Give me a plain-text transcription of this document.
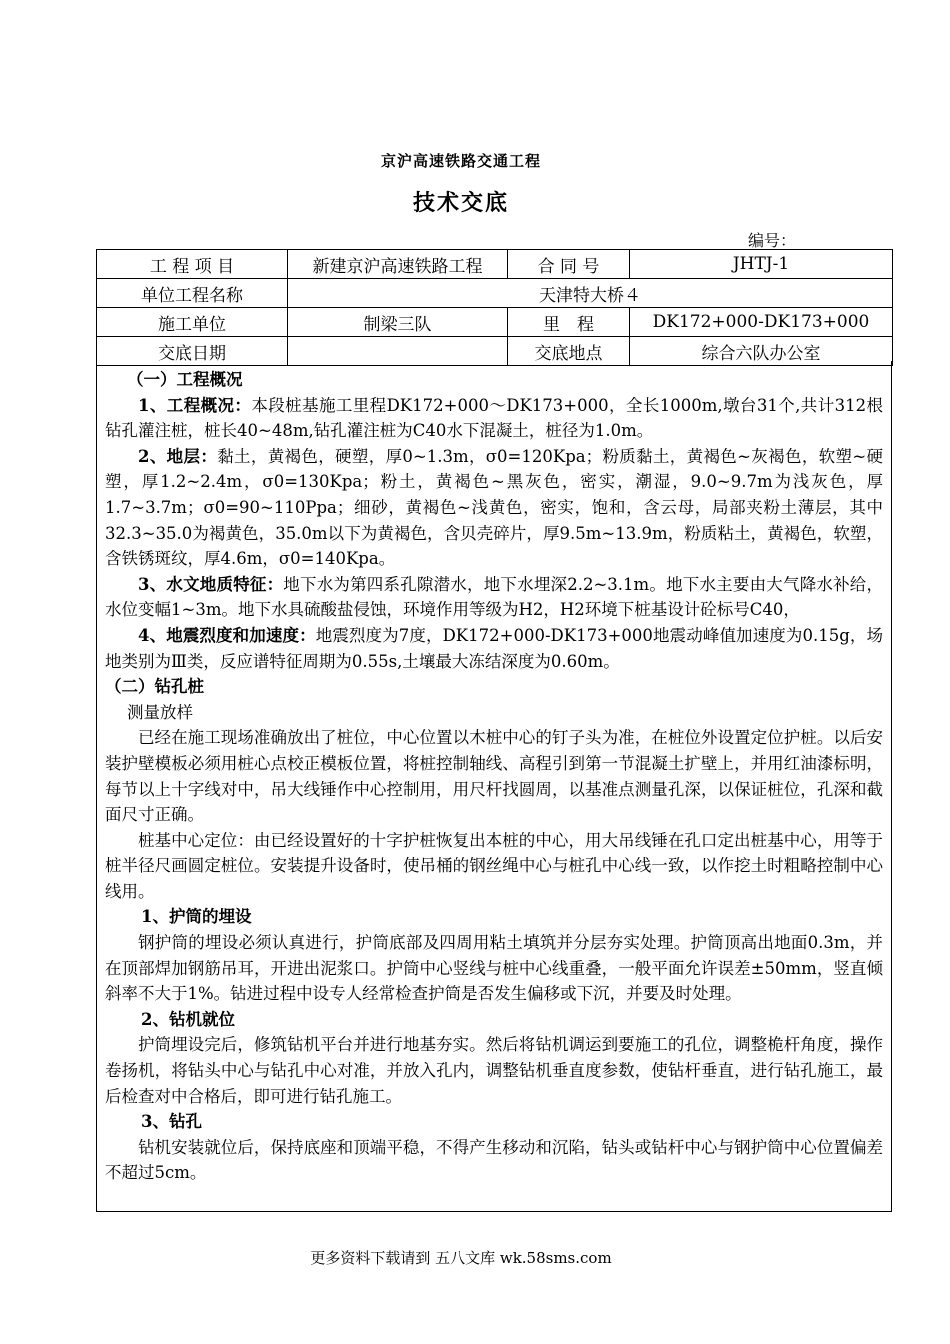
京沪高速铁路交通工程
技术交底
编号：
工 程 项 目	新建京沪高速铁路工程	合 同 号	JHTJ-1
单位工程名称	天津特大桥４		
施工单位	制梁三队	里　程	DK172+000-DK173+000
交底日期		交底地点	综合六队办公室

（一）工程概况

1、工程概况：本段桩基施工里程DK172+000～DK173+000，全长1000m,墩台31个,共计312根钻孔灌注桩，桩长40~48m,钻孔灌注桩为C40水下混凝土，桩径为1.0m。

2、地层：黏土，黄褐色，硬塑，厚0~1.3m，σ0=120Kpa；粉质黏土，黄褐色~灰褐色，软塑~硬塑，厚1.2~2.4m，σ0=130Kpa；粉土，黄褐色~黑灰色，密实，潮湿，9.0~9.7m为浅灰色，厚1.7~3.7m；σ0=90~110Ppa；细砂，黄褐色~浅黄色，密实，饱和，含云母，局部夹粉土薄层，其中32.3~35.0为褐黄色，35.0m以下为黄褐色，含贝壳碎片，厚9.5m~13.9m，粉质粘土，黄褐色，软塑，含铁锈斑纹，厚4.6m，σ0=140Kpa。

3、水文地质特征：地下水为第四系孔隙潜水，地下水埋深2.2~3.1m。地下水主要由大气降水补给，水位变幅1~3m。地下水具硫酸盐侵蚀，环境作用等级为H2，H2环境下桩基设计砼标号C40，

4、地震烈度和加速度：地震烈度为7度，DK172+000-DK173+000地震动峰值加速度为0.15g，场地类别为Ⅲ类，反应谱特征周期为0.55s,土壤最大冻结深度为0.60m。

（二）钻孔桩

测量放样

已经在施工现场准确放出了桩位，中心位置以木桩中心的钉子头为准，在桩位外设置定位护桩。以后安装护壁模板必须用桩心点校正模板位置，将桩控制轴线、高程引到第一节混凝土扩壁上，并用红油漆标明，每节以上十字线对中，吊大线锤作中心控制用，用尺杆找圆周，以基准点测量孔深，以保证桩位，孔深和截面尺寸正确。

桩基中心定位：由已经设置好的十字护桩恢复出本桩的中心，用大吊线锤在孔口定出桩基中心，用等于桩半径尺画圆定桩位。安装提升设备时，使吊桶的钢丝绳中心与桩孔中心线一致，以作挖土时粗略控制中心线用。

1、护筒的埋设

钢护筒的埋设必须认真进行，护筒底部及四周用粘土填筑并分层夯实处理。护筒顶高出地面0.3m，并在顶部焊加钢筋吊耳，开进出泥浆口。护筒中心竖线与桩中心线重叠，一般平面允许误差±50mm，竖直倾斜率不大于1%。钻进过程中设专人经常检查护筒是否发生偏移或下沉，并要及时处理。

2、钻机就位

护筒埋设完后，修筑钻机平台并进行地基夯实。然后将钻机调运到要施工的孔位，调整桅杆角度，操作卷扬机，将钻头中心与钻孔中心对准，并放入孔内，调整钻机垂直度参数，使钻杆垂直，进行钻孔施工，最后检查对中合格后，即可进行钻孔施工。

3、钻孔

钻机安装就位后，保持底座和顶端平稳，不得产生移动和沉陷，钻头或钻杆中心与钢护筒中心位置偏差不超过5cm。

更多资料下载请到 五八文库 wk.58sms.com
